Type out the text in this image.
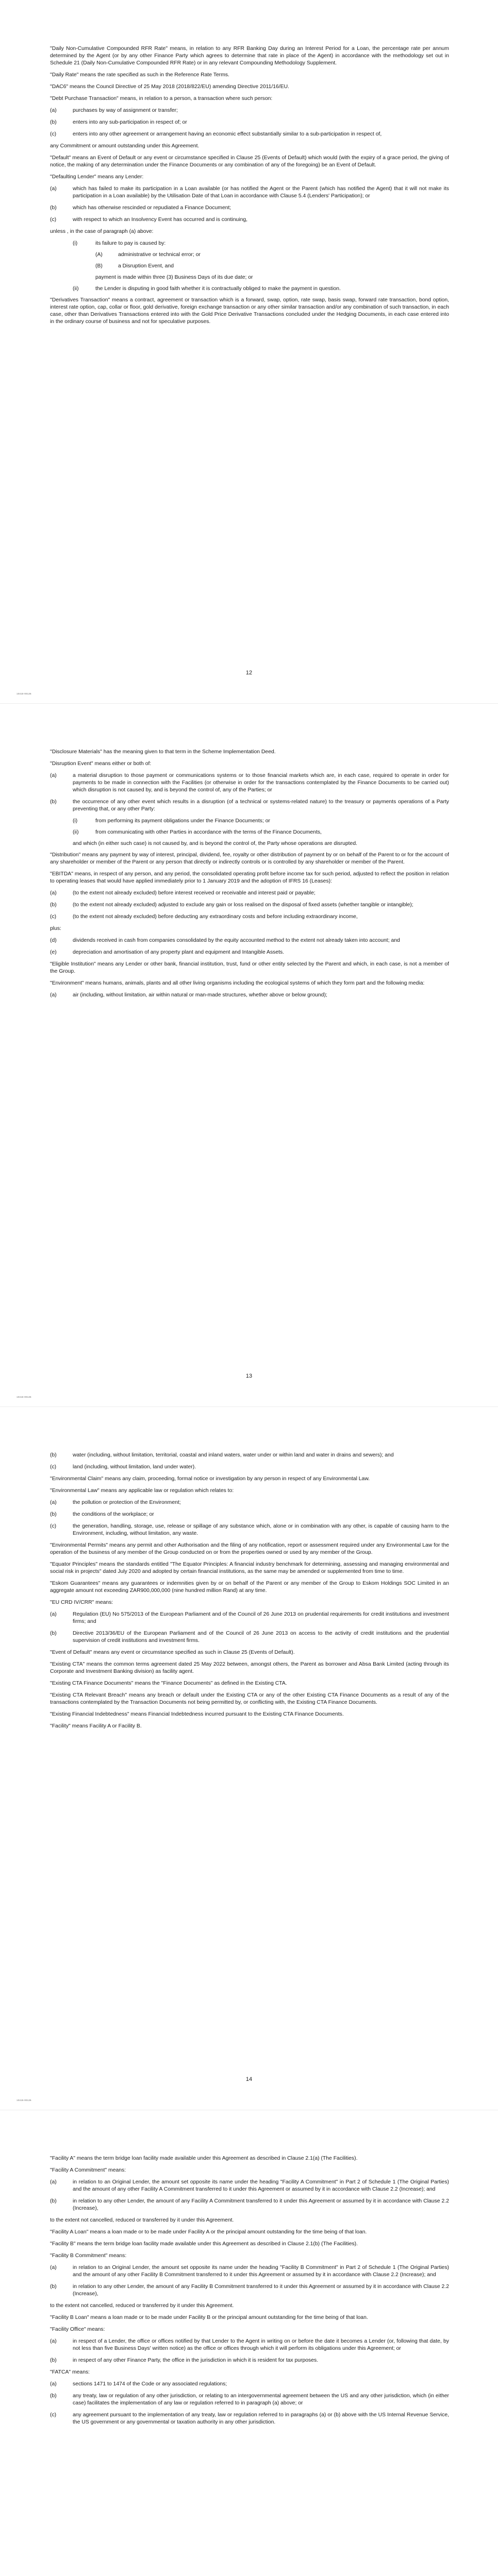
"Daily Non-Cumulative Compounded RFR Rate" means, in relation to any RFR Banking Day during an Interest Period for a Loan, the percentage rate per annum determined by the Agent (or by any other Finance Party which agrees to determine that rate in place of the Agent) in accordance with the methodology set out in Schedule 21 (Daily Non-Cumulative Compounded RFR Rate) or in any relevant Compounding Methodology Supplement.

"Daily Rate" means the rate specified as such in the Reference Rate Terms.

"DAC6" means the Council Directive of 25 May 2018 (2018/822/EU) amending Directive 2011/16/EU.

"Debt Purchase Transaction" means, in relation to a person, a transaction where such person:

(a)	purchases by way of assignment or transfer;
(b)	enters into any sub-participation in respect of; or
(c)	enters into any other agreement or arrangement having an economic effect substantially similar to a sub-participation in respect of,

any Commitment or amount outstanding under this Agreement.

"Default" means an Event of Default or any event or circumstance specified in Clause 25 (Events of Default) which would (with the expiry of a grace period, the giving of notice, the making of any determination under the Finance Documents or any combination of any of the foregoing) be an Event of Default.

"Defaulting Lender" means any Lender:

(a)	which has failed to make its participation in a Loan available (or has notified the Agent or the Parent (which has notified the Agent) that it will not make its participation in a Loan available) by the Utilisation Date of that Loan in accordance with Clause 5.4 (Lenders' Participation); or
(b)	which has otherwise rescinded or repudiated a Finance Document;
(c)	with respect to which an Insolvency Event has occurred and is continuing,

unless , in the case of paragraph (a) above:

(i)	its failure to pay is caused by:
(A)	administrative or technical error; or
(B)	a Disruption Event, and

payment is made within three (3) Business Days of its due date; or

(ii)	the Lender is disputing in good faith whether it is contractually obliged to make the payment in question.

"Derivatives Transaction" means a contract, agreement or transaction which is a forward, swap, option, rate swap, basis swap, forward rate transaction, bond option, interest rate option, cap, collar or floor, gold derivative, foreign exchange transaction or any other similar transaction and/or any combination of such transaction, in each case, other than Derivatives Transactions entered into with the Gold Price Derivative Transactions concluded under the Hedging Documents, in each case entered into in the ordinary course of business and not for speculative purposes.

12
10415-00126

"Disclosure Materials" has the meaning given to that term in the Scheme Implementation Deed.

"Disruption Event" means either or both of:

(a)	a material disruption to those payment or communications systems or to those financial markets which are, in each case, required to operate in order for payments to be made in connection with the Facilities (or otherwise in order for the transactions contemplated by the Finance Documents to be carried out) which disruption is not caused by, and is beyond the control of, any of the Parties; or
(b)	the occurrence of any other event which results in a disruption (of a technical or systems-related nature) to the treasury or payments operations of a Party preventing that, or any other Party:
(i)	from performing its payment obligations under the Finance Documents; or
(ii)	from communicating with other Parties in accordance with the terms of the Finance Documents,

and which (in either such case) is not caused by, and is beyond the control of, the Party whose operations are disrupted.

"Distribution" means any payment by way of interest, principal, dividend, fee, royalty or other distribution of payment by or on behalf of the Parent to or for the account of any shareholder or member of the Parent or any person that directly or indirectly controls or is controlled by any shareholder or member of the Parent.

"EBITDA" means, in respect of any person, and any period, the consolidated operating profit before income tax for such period, adjusted to reflect the position in relation to operating leases that would have applied immediately prior to 1 January 2019 and the adoption of IFRS 16 (Leases):

(a)	(to the extent not already excluded) before interest received or receivable and interest paid or payable;
(b)	(to the extent not already excluded) adjusted to exclude any gain or loss realised on the disposal of fixed assets (whether tangible or intangible);
(c)	(to the extent not already excluded) before deducting any extraordinary costs and before including extraordinary income,

plus:

(d)	dividends received in cash from companies consolidated by the equity accounted method to the extent not already taken into account; and
(e)	depreciation and amortisation of any property plant and equipment and Intangible Assets.

"Eligible Institution" means any Lender or other bank, financial institution, trust, fund or other entity selected by the Parent and which, in each case, is not a member of the Group.

"Environment" means humans, animals, plants and all other living organisms including the ecological systems of which they form part and the following media:

(a)	air (including, without limitation, air within natural or man-made structures, whether above or below ground);
13
10415-00126
(b)	water (including, without limitation, territorial, coastal and inland waters, water under or within land and water in drains and sewers); and
(c)	land (including, without limitation, land under water).

"Environmental Claim" means any claim, proceeding, formal notice or investigation by any person in respect of any Environmental Law.

"Environmental Law" means any applicable law or regulation which relates to:

(a)	the pollution or protection of the Environment;
(b)	the conditions of the workplace; or
(c)	the generation, handling, storage, use, release or spillage of any substance which, alone or in combination with any other, is capable of causing harm to the Environment, including, without limitation, any waste.

"Environmental Permits" means any permit and other Authorisation and the filing of any notification, report or assessment required under any Environmental Law for the operation of the business of any member of the Group conducted on or from the properties owned or used by any member of the Group.

"Equator Principles" means the standards entitled "The Equator Principles: A financial industry benchmark for determining, assessing and managing environmental and social risk in projects" dated July 2020 and adopted by certain financial institutions, as the same may be amended or supplemented from time to time.

"Eskom Guarantees" means any guarantees or indemnities given by or on behalf of the Parent or any member of the Group to Eskom Holdings SOC Limited in an aggregate amount not exceeding ZAR900,000,000 (nine hundred million Rand) at any time.

"EU CRD IV/CRR" means:

(a)	Regulation (EU) No 575/2013 of the European Parliament and of the Council of 26 June 2013 on prudential requirements for credit institutions and investment firms; and
(b)	Directive 2013/36/EU of the European Parliament and of the Council of 26 June 2013 on access to the activity of credit institutions and the prudential supervision of credit institutions and investment firms.

"Event of Default" means any event or circumstance specified as such in Clause 25 (Events of Default).

"Existing CTA" means the common terms agreement dated 25 May 2022 between, amongst others, the Parent as borrower and Absa Bank Limited (acting through its Corporate and Investment Banking division) as facility agent.

"Existing CTA Finance Documents" means the "Finance Documents" as defined in the Existing CTA.

"Existing CTA Relevant Breach" means any breach or default under the Existing CTA or any of the other Existing CTA Finance Documents as a result of any of the transactions contemplated by the Transaction Documents not being permitted by, or conflicting with, the Existing CTA Finance Documents.

"Existing Financial Indebtedness" means Financial Indebtedness incurred pursuant to the Existing CTA Finance Documents.

"Facility" means Facility A or Facility B.

14
10415-00126

"Facility A" means the term bridge loan facility made available under this Agreement as described in Clause 2.1(a) (The Facilities).

"Facility A Commitment" means:

(a)	in relation to an Original Lender, the amount set opposite its name under the heading "Facility A Commitment" in Part 2 of Schedule 1 (The Original Parties) and the amount of any other Facility A Commitment transferred to it under this Agreement or assumed by it in accordance with Clause 2.2 (Increase); and
(b)	in relation to any other Lender, the amount of any Facility A Commitment transferred to it under this Agreement or assumed by it in accordance with Clause 2.2 (Increase),

to the extent not cancelled, reduced or transferred by it under this Agreement.

"Facility A Loan" means a loan made or to be made under Facility A or the principal amount outstanding for the time being of that loan.

"Facility B" means the term bridge loan facility made available under this Agreement as described in Clause 2.1(b) (The Facilities).

"Facility B Commitment" means:

(a)	in relation to an Original Lender, the amount set opposite its name under the heading "Facility B Commitment" in Part 2 of Schedule 1 (The Original Parties) and the amount of any other Facility B Commitment transferred to it under this Agreement or assumed by it in accordance with Clause 2.2 (Increase); and
(b)	in relation to any other Lender, the amount of any Facility B Commitment transferred to it under this Agreement or assumed by it in accordance with Clause 2.2 (Increase),

to the extent not cancelled, reduced or transferred by it under this Agreement.

"Facility B Loan" means a loan made or to be made under Facility B or the principal amount outstanding for the time being of that loan.

"Facility Office" means:

(a)	in respect of a Lender, the office or offices notified by that Lender to the Agent in writing on or before the date it becomes a Lender (or, following that date, by not less than five Business Days' written notice) as the office or offices through which it will perform its obligations under this Agreement; or
(b)	in respect of any other Finance Party, the office in the jurisdiction in which it is resident for tax purposes.

"FATCA" means:

(a)	sections 1471 to 1474 of the Code or any associated regulations;
(b)	any treaty, law or regulation of any other jurisdiction, or relating to an intergovernmental agreement between the US and any other jurisdiction, which (in either case) facilitates the implementation of any law or regulation referred to in paragraph (a) above; or
(c)	any agreement pursuant to the implementation of any treaty, law or regulation referred to in paragraphs (a) or (b) above with the US Internal Revenue Service, the US government or any governmental or taxation authority in any other jurisdiction.
